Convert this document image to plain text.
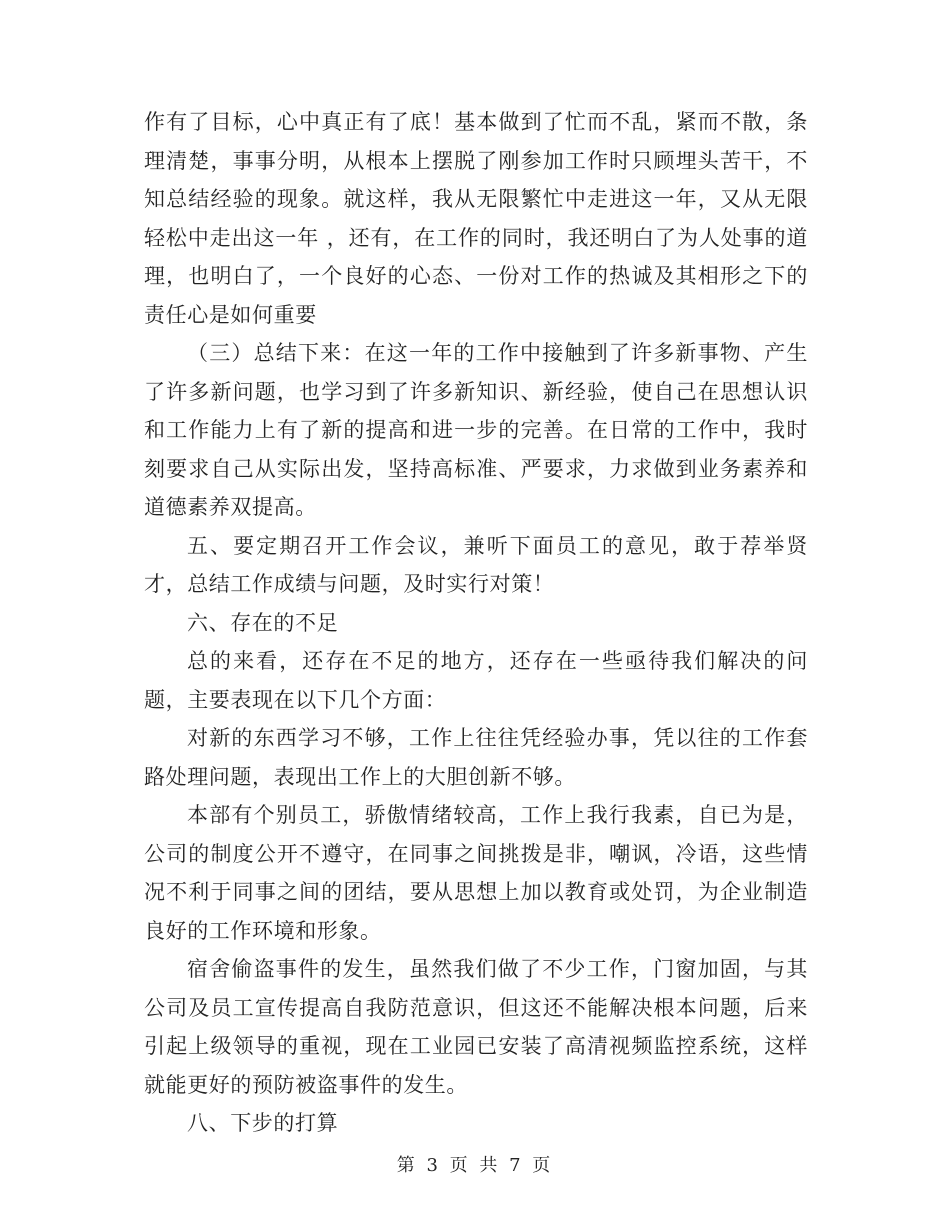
作有了目标，心中真正有了底！基本做到了忙而不乱，紧而不散，条理清楚，事事分明，从根本上摆脱了刚参加工作时只顾埋头苦干，不知总结经验的现象。就这样，我从无限繁忙中走进这一年，又从无限轻松中走出这一年 ，还有，在工作的同时，我还明白了为人处事的道理，也明白了，一个良好的心态、一份对工作的热诚及其相形之下的责任心是如何重要

（三）总结下来：在这一年的工作中接触到了许多新事物、产生了许多新问题，也学习到了许多新知识、新经验，使自己在思想认识和工作能力上有了新的提高和进一步的完善。在日常的工作中，我时刻要求自己从实际出发，坚持高标准、严要求，力求做到业务素养和道德素养双提高。

五、要定期召开工作会议，兼听下面员工的意见，敢于荐举贤才，总结工作成绩与问题，及时实行对策！

六、存在的不足

总的来看，还存在不足的地方，还存在一些亟待我们解决的问题，主要表现在以下几个方面：

对新的东西学习不够，工作上往往凭经验办事，凭以往的工作套路处理问题，表现出工作上的大胆创新不够。

本部有个别员工，骄傲情绪较高，工作上我行我素，自已为是，公司的制度公开不遵守，在同事之间挑拨是非，嘲讽，冷语，这些情况不利于同事之间的团结，要从思想上加以教育或处罚，为企业制造良好的工作环境和形象。

宿舍偷盗事件的发生，虽然我们做了不少工作，门窗加固，与其公司及员工宣传提高自我防范意识，但这还不能解决根本问题，后来引起上级领导的重视，现在工业园已安装了高清视频监控系统，这样就能更好的预防被盗事件的发生。

八、下步的打算

第 3 页 共 7 页
